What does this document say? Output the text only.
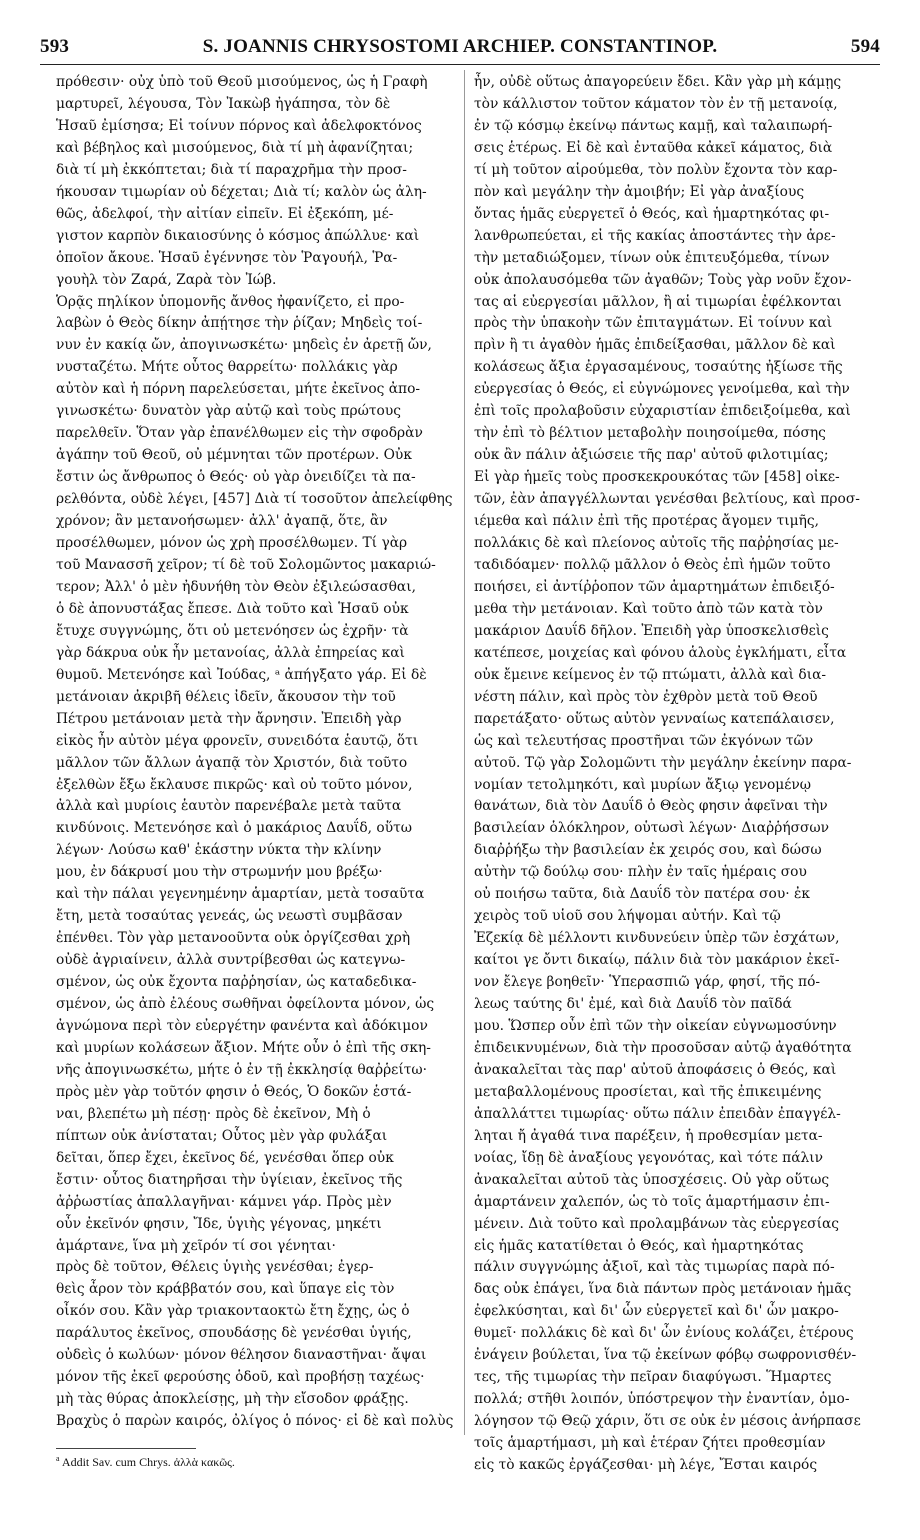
593	S. JOANNIS CHRYSOSTOMI ARCHIEP. CONSTANTINOP.	594
πρόθεσιν· οὐχ ὑπὸ τοῦ Θεοῦ μισούμενος, ὡς ἡ Γραφὴ
μαρτυρεῖ, λέγουσα, Τὸν Ἰακὼβ ἠγάπησα, τὸν δὲ
Ἡσαῦ ἐμίσησα; Εἰ τοίνυν πόρνος καὶ ἀδελφοκτόνος
καὶ βέβηλος καὶ μισούμενος, διὰ τί μὴ ἀφανίζηται;
διὰ τί μὴ ἐκκόπτεται; διὰ τί παραχρῆμα τὴν προσ-
ήκουσαν τιμωρίαν οὐ δέχεται; Διὰ τί; καλὸν ὡς ἀλη-
θῶς, ἀδελφοί, τὴν αἰτίαν εἰπεῖν. Εἰ ἐξεκόπη, μέ-
γιστον καρπὸν δικαιοσύνης ὁ κόσμος ἀπώλλυε· καὶ
ὁποῖον ἄκουε. Ἡσαῦ ἐγέννησε τὸν Ῥαγουήλ, Ῥα-
γουὴλ τὸν Ζαρά, Ζαρὰ τὸν Ἰώβ.
Ὁρᾷς πηλίκον ὑπομονῆς ἄνθος ἠφανίζετο, εἰ προ-
λαβὼν ὁ Θεὸς δίκην ἀπῄτησε τὴν ῥίζαν; Μηδεὶς τοί-
νυν ἐν κακίᾳ ὤν, ἀπογινωσκέτω· μηδεὶς ἐν ἀρετῇ ὤν,
νυσταζέτω. Μήτε οὗτος θαρρείτω· πολλάκις γὰρ
αὐτὸν καὶ ἡ πόρνη παρελεύσεται, μήτε ἐκεῖνος ἀπο-
γινωσκέτω· δυνατὸν γὰρ αὐτῷ καὶ τοὺς πρώτους
παρελθεῖν. Ὅταν γὰρ ἐπανέλθωμεν εἰς τὴν σφοδρὰν
ἀγάπην τοῦ Θεοῦ, οὐ μέμνηται τῶν προτέρων. Οὐκ
ἔστιν ὡς ἄνθρωπος ὁ Θεός· οὐ γὰρ ὀνειδίζει τὰ πα-
ρελθόντα, οὐδὲ λέγει, [457] Διὰ τί τοσοῦτον ἀπελείφθης
χρόνον; ἂν μετανοήσωμεν· ἀλλ' ἀγαπᾷ, ὅτε, ἂν
προσέλθωμεν, μόνον ὡς χρὴ προσέλθωμεν. Τί γὰρ
τοῦ Μανασσῆ χεῖρον; τί δὲ τοῦ Σολομῶντος μακαριώ-
τερον; Ἀλλ' ὁ μὲν ἠδυνήθη τὸν Θεὸν ἐξιλεώσασθαι,
ὁ δὲ ἀπονυστάξας ἔπεσε. Διὰ τοῦτο καὶ Ἡσαῦ οὐκ
ἔτυχε συγγνώμης, ὅτι οὐ μετενόησεν ὡς ἐχρῆν· τὰ
γὰρ δάκρυα οὐκ ἦν μετανοίας, ἀλλὰ ἐπηρείας καὶ
θυμοῦ. Μετενόησε καὶ Ἰούδας, ᵃ ἀπήγξατο γάρ. Εἰ δὲ
μετάνοιαν ἀκριβῆ θέλεις ἰδεῖν, ἄκουσον τὴν τοῦ
Πέτρου μετάνοιαν μετὰ τὴν ἄρνησιν. Ἐπειδὴ γὰρ
εἰκὸς ἦν αὐτὸν μέγα φρονεῖν, συνειδότα ἑαυτῷ, ὅτι
μᾶλλον τῶν ἄλλων ἀγαπᾷ τὸν Χριστόν, διὰ τοῦτο
ἐξελθὼν ἔξω ἔκλαυσε πικρῶς· καὶ οὐ τοῦτο μόνον,
ἀλλὰ καὶ μυρίοις ἑαυτὸν παρενέβαλε μετὰ ταῦτα
κινδύνοις. Μετενόησε καὶ ὁ μακάριος Δαυΐδ, οὕτω
λέγων· Λούσω καθ' ἑκάστην νύκτα τὴν κλίνην
μου, ἐν δάκρυσί μου τὴν στρωμνήν μου βρέξω·
καὶ τὴν πάλαι γεγενημένην ἁμαρτίαν, μετὰ τοσαῦτα
ἔτη, μετὰ τοσαύτας γενεάς, ὡς νεωστὶ συμβᾶσαν
ἐπένθει. Τὸν γὰρ μετανοοῦντα οὐκ ὀργίζεσθαι χρὴ
οὐδὲ ἀγριαίνειν, ἀλλὰ συντρίβεσθαι ὡς κατεγνω-
σμένον, ὡς οὐκ ἔχοντα παῤῥησίαν, ὡς καταδεδικα-
σμένον, ὡς ἀπὸ ἐλέους σωθῆναι ὀφείλοντα μόνον, ὡς
ἀγνώμονα περὶ τὸν εὐεργέτην φανέντα καὶ ἀδόκιμον
καὶ μυρίων κολάσεων ἄξιον. Μήτε οὖν ὁ ἐπὶ τῆς σκη-
νῆς ἀπογινωσκέτω, μήτε ὁ ἐν τῇ ἐκκλησίᾳ θαῤῥείτω·
πρὸς μὲν γὰρ τοῦτόν φησιν ὁ Θεός, Ὁ δοκῶν ἑστά-
ναι, βλεπέτω μὴ πέσῃ· πρὸς δὲ ἐκεῖνον, Μὴ ὁ
πίπτων οὐκ ἀνίσταται; Οὗτος μὲν γὰρ φυλάξαι
δεῖται, ὅπερ ἔχει, ἐκεῖνος δέ, γενέσθαι ὅπερ οὐκ
ἔστιν· οὗτος διατηρῆσαι τὴν ὑγίειαν, ἐκεῖνος τῆς
ἀῤῥωστίας ἀπαλλαγῆναι· κάμνει γάρ. Πρὸς μὲν
οὖν ἐκεῖνόν φησιν, Ἴδε, ὑγιὴς γέγονας, μηκέτι
ἁμάρτανε, ἵνα μὴ χεῖρόν τί σοι γένηται·
πρὸς δὲ τοῦτον, Θέλεις ὑγιὴς γενέσθαι; ἐγερ-
θεὶς ἆρον τὸν κράββατόν σου, καὶ ὕπαγε εἰς τὸν
οἶκόν σου. Κἂν γὰρ τριακονταοκτὼ ἔτη ἔχῃς, ὡς ὁ
παράλυτος ἐκεῖνος, σπουδάσῃς δὲ γενέσθαι ὑγιής,
οὐδεὶς ὁ κωλύων· μόνον θέλησον διαναστῆναι· ἄψαι
μόνον τῆς ἐκεῖ φερούσης ὁδοῦ, καὶ προβήσῃ ταχέως·
μὴ τὰς θύρας ἀποκλείσῃς, μὴ τὴν εἴσοδον φράξῃς.
Βραχὺς ὁ παρὼν καιρός, ὀλίγος ὁ πόνος· εἰ δὲ καὶ πολὺς
ἦν, οὐδὲ οὕτως ἀπαγορεύειν ἔδει. Κἂν γὰρ μὴ κάμῃς
τὸν κάλλιστον τοῦτον κάματον τὸν ἐν τῇ μετανοίᾳ,
ἐν τῷ κόσμῳ ἐκείνῳ πάντως καμῇ, καὶ ταλαιπωρή-
σεις ἑτέρως. Εἰ δὲ καὶ ἐνταῦθα κἀκεῖ κάματος, διὰ
τί μὴ τοῦτον αἱρούμεθα, τὸν πολὺν ἔχοντα τὸν καρ-
πὸν καὶ μεγάλην τὴν ἀμοιβήν; Εἰ γὰρ ἀναξίους
ὄντας ἡμᾶς εὐεργετεῖ ὁ Θεός, καὶ ἡμαρτηκότας φι-
λανθρωπεύεται, εἰ τῆς κακίας ἀποστάντες τὴν ἀρε-
τὴν μεταδιώξομεν, τίνων οὐκ ἐπιτευξόμεθα, τίνων
οὐκ ἀπολαυσόμεθα τῶν ἀγαθῶν; Τοὺς γὰρ νοῦν ἔχον-
τας αἱ εὐεργεσίαι μᾶλλον, ἢ αἱ τιμωρίαι ἐφέλκονται
πρὸς τὴν ὑπακοὴν τῶν ἐπιταγμάτων. Εἰ τοίνυν καὶ
πρὶν ἢ τι ἀγαθὸν ἡμᾶς ἐπιδείξασθαι, μᾶλλον δὲ καὶ
κολάσεως ἄξια ἐργασαμένους, τοσαύτης ἠξίωσε τῆς
εὐεργεσίας ὁ Θεός, εἰ εὐγνώμονες γενοίμεθα, καὶ τὴν
ἐπὶ τοῖς προλαβοῦσιν εὐχαριστίαν ἐπιδειξοίμεθα, καὶ
τὴν ἐπὶ τὸ βέλτιον μεταβολὴν ποιησοίμεθα, πόσης
οὐκ ἂν πάλιν ἀξιώσειε τῆς παρ' αὐτοῦ φιλοτιμίας;
Εἰ γὰρ ἡμεῖς τοὺς προσκεκρουκότας τῶν [458] οἰκε-
τῶν, ἐὰν ἀπαγγέλλωνται γενέσθαι βελτίους, καὶ προσ-
ιέμεθα καὶ πάλιν ἐπὶ τῆς προτέρας ἄγομεν τιμῆς,
πολλάκις δὲ καὶ πλείονος αὐτοῖς τῆς παῤῥησίας με-
ταδιδόαμεν· πολλῷ μᾶλλον ὁ Θεὸς ἐπὶ ἡμῶν τοῦτο
ποιήσει, εἰ ἀντίῤῥοπον τῶν ἁμαρτημάτων ἐπιδειξό-
μεθα τὴν μετάνοιαν. Καὶ τοῦτο ἀπὸ τῶν κατὰ τὸν
μακάριον Δαυΐδ δῆλον. Ἐπειδὴ γὰρ ὑποσκελισθεὶς
κατέπεσε, μοιχείας καὶ φόνου ἁλοὺς ἐγκλήματι, εἶτα
οὐκ ἔμεινε κείμενος ἐν τῷ πτώματι, ἀλλὰ καὶ δια-
νέστη πάλιν, καὶ πρὸς τὸν ἐχθρὸν μετὰ τοῦ Θεοῦ
παρετάξατο· οὕτως αὐτὸν γενναίως κατεπάλαισεν,
ὡς καὶ τελευτήσας προστῆναι τῶν ἐκγόνων τῶν
αὐτοῦ. Τῷ γὰρ Σολομῶντι τὴν μεγάλην ἐκείνην παρα-
νομίαν τετολμηκότι, καὶ μυρίων ἄξιῳ γενομένῳ
θανάτων, διὰ τὸν Δαυΐδ ὁ Θεὸς φησιν ἀφεῖναι τὴν
βασιλείαν ὁλόκληρον, οὑτωσὶ λέγων· Διαῤῥήσσων
διαῤῥήξω τὴν βασιλείαν ἐκ χειρός σου, καὶ δώσω
αὐτὴν τῷ δούλῳ σου· πλὴν ἐν ταῖς ἡμέραις σου
οὐ ποιήσω ταῦτα, διὰ Δαυΐδ τὸν πατέρα σου· ἐκ
χειρὸς τοῦ υἱοῦ σου λήψομαι αὐτήν. Καὶ τῷ
Ἐζεκίᾳ δὲ μέλλοντι κινδυνεύειν ὑπὲρ τῶν ἐσχάτων,
καίτοι γε ὄντι δικαίῳ, πάλιν διὰ τὸν μακάριον ἐκεῖ-
νον ἔλεγε βοηθεῖν· Ὑπερασπιῶ γάρ, φησί, τῆς πό-
λεως ταύτης δι' ἐμέ, καὶ διὰ Δαυΐδ τὸν παῖδά
μου. Ὥσπερ οὖν ἐπὶ τῶν τὴν οἰκείαν εὐγνωμοσύνην
ἐπιδεικνυμένων, διὰ τὴν προσοῦσαν αὐτῷ ἀγαθότητα
ἀνακαλεῖται τὰς παρ' αὐτοῦ ἀποφάσεις ὁ Θεός, καὶ
μεταβαλλομένους προσίεται, καὶ τῆς ἐπικειμένης
ἀπαλλάττει τιμωρίας· οὕτω πάλιν ἐπειδὰν ἐπαγγέλ-
ληται ἤ ἀγαθά τινα παρέξειν, ἡ προθεσμίαν μετα-
νοίας, ἴδῃ δὲ ἀναξίους γεγονότας, καὶ τότε πάλιν
ἀνακαλεῖται αὐτοῦ τὰς ὑποσχέσεις. Οὐ γὰρ οὕτως
ἁμαρτάνειν χαλεπόν, ὡς τὸ τοῖς ἁμαρτήμασιν ἐπι-
μένειν. Διὰ τοῦτο καὶ προλαμβάνων τὰς εὐεργεσίας
εἰς ἡμᾶς κατατίθεται ὁ Θεός, καὶ ἡμαρτηκότας
πάλιν συγγνώμης ἀξιοῖ, καὶ τὰς τιμωρίας παρὰ πό-
δας οὐκ ἐπάγει, ἵνα διὰ πάντων πρὸς μετάνοιαν ἡμᾶς
ἐφελκύσηται, καὶ δι' ὧν εὐεργετεῖ καὶ δι' ὧν μακρο-
θυμεῖ· πολλάκις δὲ καὶ δι' ὧν ἐνίους κολάζει, ἑτέρους
ἐνάγειν βούλεται, ἵνα τῷ ἐκείνων φόβῳ σωφρονισθέν-
τες, τῆς τιμωρίας τὴν πεῖραν διαφύγωσι. Ἥμαρτες
πολλά; στῆθι λοιπόν, ὑπόστρεψον τὴν ἐναντίαν, ὁμο-
λόγησον τῷ Θεῷ χάριν, ὅτι σε οὐκ ἐν μέσοις ἀνήρπασε
τοῖς ἁμαρτήμασι, μὴ καὶ ἑτέραν ζήτει προθεσμίαν
εἰς τὸ κακῶς ἐργάζεσθαι· μὴ λέγε, Ἔσται καιρός
$^a$ Addit Sav. cum Chrys. ἀλλὰ κακῶς.
